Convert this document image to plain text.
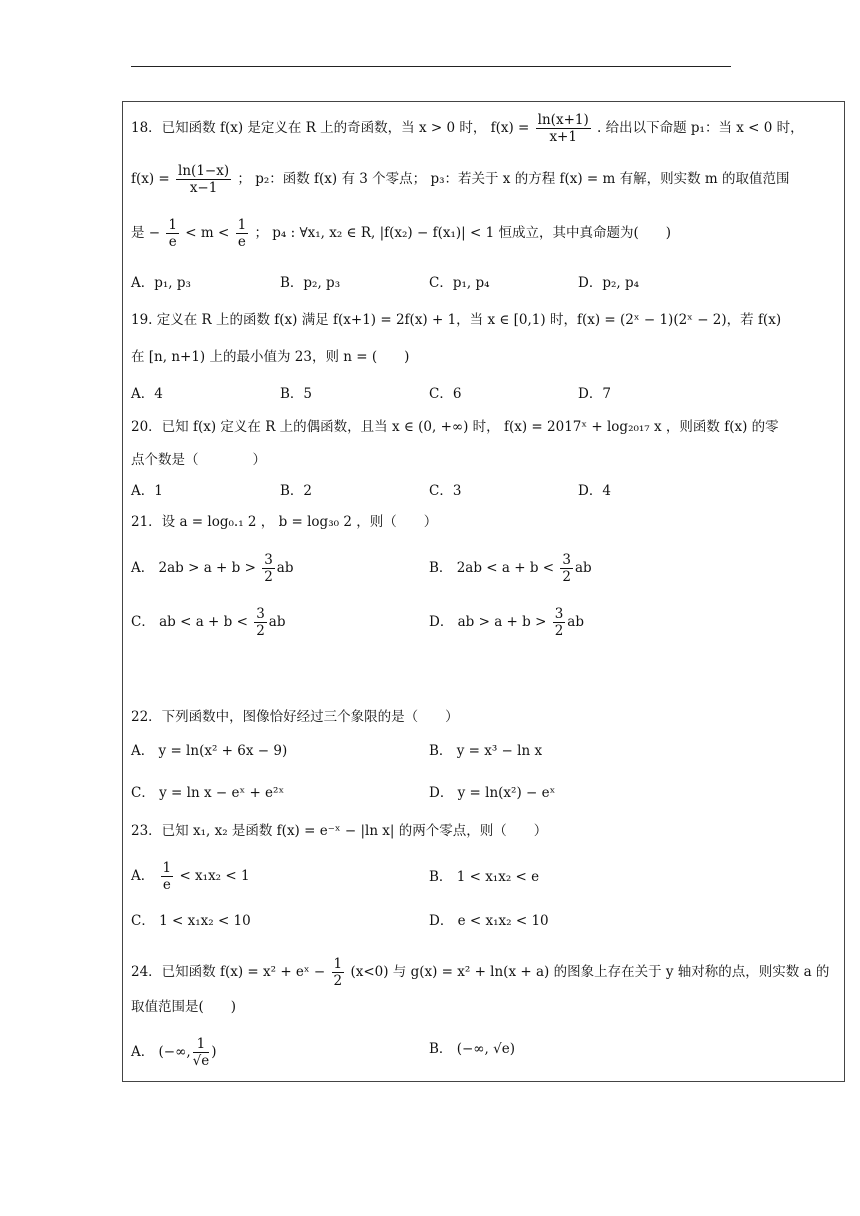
18．已知函数 f(x) 是定义在 R 上的奇函数，当 x > 0 时， $f(x) = \frac{\ln(x+1)}{x+1}$ . 给出以下命题 p₁：当 x < 0 时，
$f(x) = \frac{\ln(1-x)}{x-1}$ ； p₂：函数 f(x) 有 3 个零点； p₃：若关于 x 的方程 f(x) = m 有解，则实数 m 的取值范围
是 − $\frac{1}{e} < m < \frac{1}{e}$ ； p₄ : ∀x₁, x₂ ∈ R, |f(x₂) − f(x₁)| < 1 恒成立，其中真命题为(　　)
A．p₁, p₃	B．p₂, p₃	C．p₁, p₄	D．p₂, p₄
19. 定义在 R 上的函数 f(x) 满足 f(x+1) = 2f(x) + 1，当 x ∈ [0,1) 时，f(x) = (2ˣ − 1)(2ˣ − 2)，若 f(x)
在 [n, n+1) 上的最小值为 23，则 n = (　　)
A．4	B．5	C．6	D．7
20．已知 f(x) 定义在 R 上的偶函数，且当 x ∈ (0, +∞) 时， f(x) = 2017ˣ + log₂₀₁₇ x ，则函数 f(x) 的零
点个数是（　　　　）
A．1	B．2	C．3	D．4
21．设 a = log₀.₁ 2 ， b = log₃₀ 2 ，则（　　）
A． $2ab > a + b > \frac{3}{2}$ ab	B． $2ab < a + b < \frac{3}{2}$ ab
C． ab < $a + b < \frac{3}{2}$ ab	D． ab > $a + b > \frac{3}{2}$ ab
22．下列函数中，图像恰好经过三个象限的是（　　）
A． y = ln(x² + 6x − 9)	B． y = x³ − ln x
C． y = ln x − eˣ + e²ˣ	D． y = ln(x²) − eˣ
23．已知 x₁, x₂ 是函数 f(x) = e⁻ˣ − |ln x| 的两个零点，则（　　）
A． $\frac{1}{e} < x_1x_2 < 1$	B． 1 < x₁x₂ < e
C． 1 < x₁x₂ < 10	D． e < x₁x₂ < 10
24．已知函数 f(x) = x² + eˣ − $\frac{1}{2} (x<0)$ 与 g(x) = x² + ln(x + a) 的图象上存在关于 y 轴对称的点，则实数 a 的
取值范围是(　　)
A． (−∞, $\frac{1}{√e}$ )	B． (−∞, √e)
